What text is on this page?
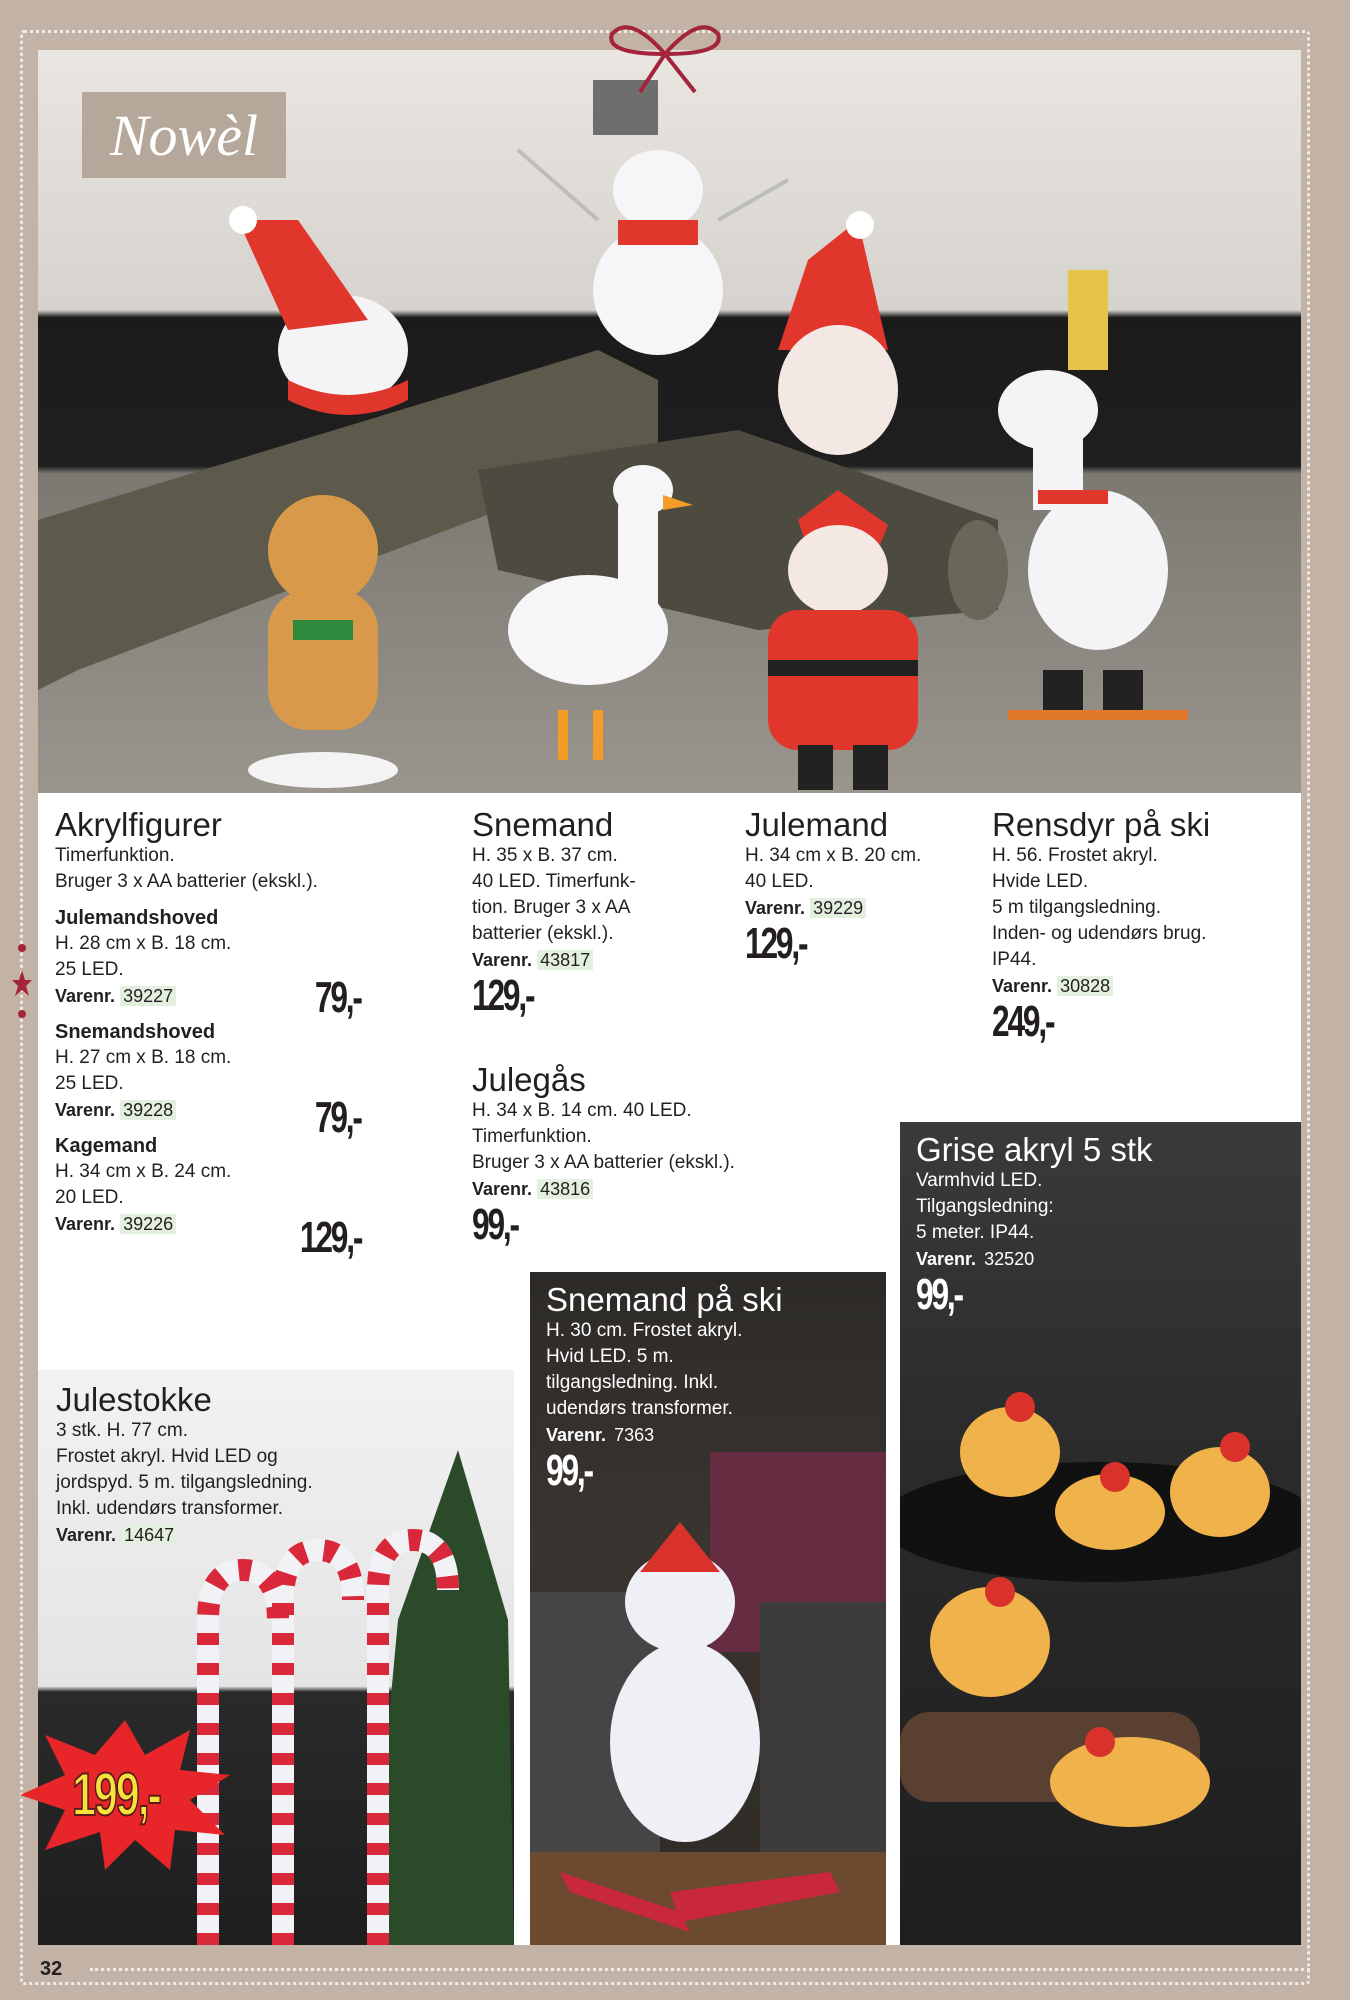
Nowèl
Akrylfigurer
Timerfunktion.
Bruger 3 x AA batterier (ekskl.).
Julemandshoved
H. 28 cm x B. 18 cm.
25 LED.
Varenr. 39227
Snemandshoved
H. 27 cm x B. 18 cm.
25 LED.
Varenr. 39228
Kagemand
H. 34 cm x B. 24 cm.
20 LED.
Varenr. 39226
79,-
79,-
129,-
Snemand
H. 35 x B. 37 cm.
40 LED. Timerfunk-
tion. Bruger 3 x AA
batterier (ekskl.).
Varenr. 43817
129,-
Julemand
H. 34 cm x B. 20 cm.
40 LED.
Varenr. 39229
129,-
Rensdyr på ski
H. 56. Frostet akryl.
Hvide LED.
5 m tilgangsledning.
Inden- og udendørs brug.
IP44.
Varenr. 30828
249,-
Julegås
H. 34 x B. 14 cm. 40 LED.
Timerfunktion.
Bruger 3 x AA batterier (ekskl.).
Varenr. 43816
99,-
Grise akryl 5 stk
Varmhvid LED.
Tilgangsledning:
5 meter. IP44.
Varenr. 32520
99,-
Snemand på ski
H. 30 cm. Frostet akryl.
Hvid LED. 5 m.
tilgangsledning. Inkl.
udendørs transformer.
Varenr. 7363
99,-
Julestokke
3 stk. H. 77 cm.
Frostet akryl. Hvid LED og
jordspyd. 5 m. tilgangsledning.
Inkl. udendørs transformer.
Varenr. 14647
199,-
32
